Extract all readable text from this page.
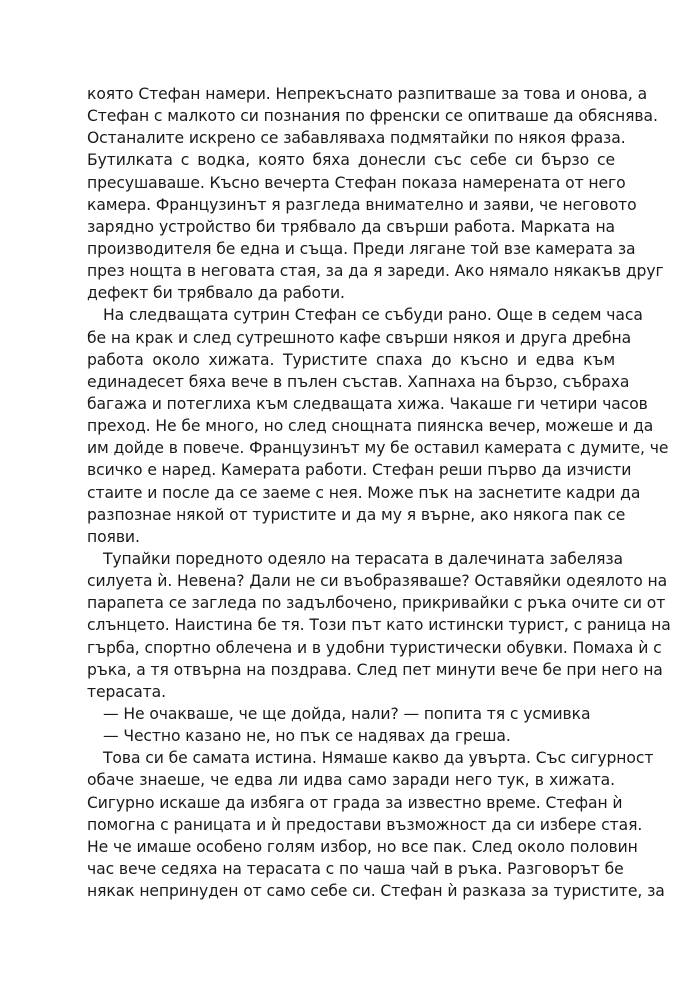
която Стефан намери. Непрекъснато разпитваше за това и онова, а
Стефан с малкото си познания по френски се опитваше да обяснява.
Останалите искрено се забавляваха подмятайки по някоя фраза.
Бутилката с водка, която бяха донесли със себе си бързо се
пресушаваше. Късно вечерта Стефан показа намерената от него
камера. Французинът я разгледа внимателно и заяви, че неговото
зарядно устройство би трябвало да свърши работа. Марката на
производителя бе една и съща. Преди лягане той взе камерата за
през нощта в неговата стая, за да я зареди. Ако нямало някакъв друг
дефект би трябвало да работи.
На следващата сутрин Стефан се събуди рано. Още в седем часа
бе на крак и след сутрешното кафе свърши някоя и друга дребна
работа около хижата. Туристите спаха до късно и едва към
единадесет бяха вече в пълен състав. Хапнаха на бързо, събраха
багажа и потеглиха към следващата хижа. Чакаше ги четири часов
преход. Не бе много, но след снощната пиянска вечер, можеше и да
им дойде в повече. Французинът му бе оставил камерата с думите, че
всичко е наред. Камерата работи. Стефан реши първо да изчисти
стаите и после да се заеме с нея. Може пък на заснетите кадри да
разпознае някой от туристите и да му я върне, ако някога пак се
появи.
Тупайки поредното одеяло на терасата в далечината забеляза
силуета ѝ. Невена? Дали не си въобразяваше? Оставяйки одеялото на
парапета се загледа по задълбочено, прикривайки с ръка очите си от
слънцето. Наистина бе тя. Този път като истински турист, с раница на
гърба, спортно облечена и в удобни туристически обувки. Помаха ѝ с
ръка, а тя отвърна на поздрава. След пет минути вече бе при него на
терасата.
— Не очакваше, че ще дойда, нали? — попита тя с усмивка
— Честно казано не, но пък се надявах да греша.
Това си бе самата истина. Нямаше какво да увърта. Със сигурност
обаче знаеше, че едва ли идва само заради него тук, в хижата.
Сигурно искаше да избяга от града за известно време. Стефан ѝ
помогна с раницата и ѝ предостави възможност да си избере стая.
Не че имаше особено голям избор, но все пак. След около половин
час вече седяха на терасата с по чаша чай в ръка. Разговорът бе
някак непринуден от само себе си. Стефан ѝ разказа за туристите, за
